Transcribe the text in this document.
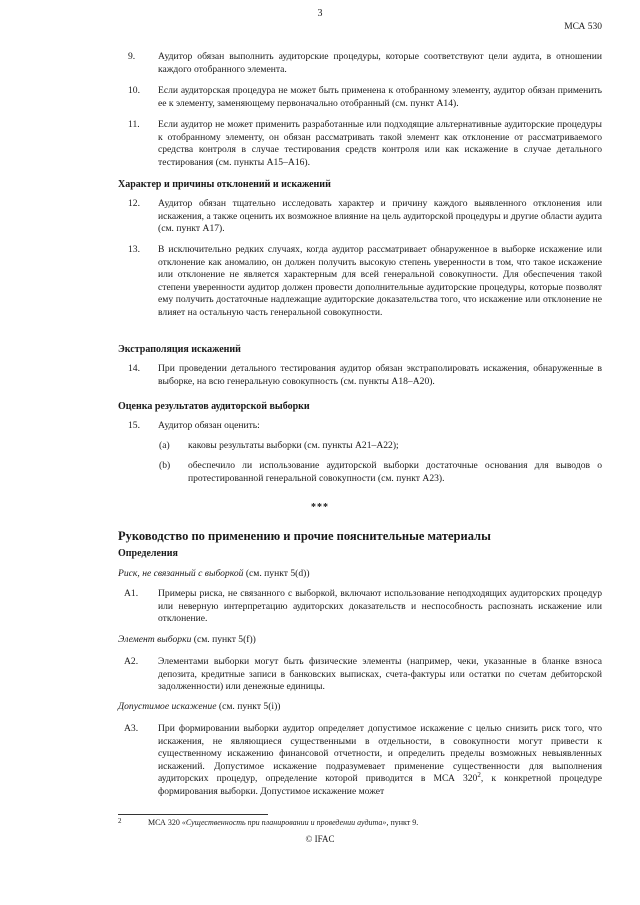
3
МСА 530
9. Аудитор обязан выполнить аудиторские процедуры, которые соответствуют цели аудита, в отношении каждого отобранного элемента.
10. Если аудиторская процедура не может быть применена к отобранному элементу, аудитор обязан применить ее к элементу, заменяющему первоначально отобранный (см. пункт A14).
11. Если аудитор не может применить разработанные или подходящие альтернативные аудиторские процедуры к отобранному элементу, он обязан рассматривать такой элемент как отклонение от рассматриваемого средства контроля в случае тестирования средств контроля или как искажение в случае детального тестирования (см. пункты A15–A16).
Характер и причины отклонений и искажений
12. Аудитор обязан тщательно исследовать характер и причину каждого выявленного отклонения или искажения, а также оценить их возможное влияние на цель аудиторской процедуры и другие области аудита (см. пункт A17).
13. В исключительно редких случаях, когда аудитор рассматривает обнаруженное в выборке искажение или отклонение как аномалию, он должен получить высокую степень уверенности в том, что такое искажение или отклонение не является характерным для всей генеральной совокупности. Для обеспечения такой степени уверенности аудитор должен провести дополнительные аудиторские процедуры, которые позволят ему получить достаточные надлежащие аудиторские доказательства того, что искажение или отклонение не влияет на остальную часть генеральной совокупности.
Экстраполяция искажений
14. При проведении детального тестирования аудитор обязан экстраполировать искажения, обнаруженные в выборке, на всю генеральную совокупность (см. пункты A18–A20).
Оценка результатов аудиторской выборки
15. Аудитор обязан оценить:
(a) каковы результаты выборки (см. пункты A21–A22);
(b) обеспечило ли использование аудиторской выборки достаточные основания для выводов о протестированной генеральной совокупности (см. пункт A23).
***
Руководство по применению и прочие пояснительные материалы
Определения
Риск, не связанный с выборкой (см. пункт 5(d))
A1. Примеры риска, не связанного с выборкой, включают использование неподходящих аудиторских процедур или неверную интерпретацию аудиторских доказательств и неспособность распознать искажение или отклонение.
Элемент выборки (см. пункт 5(f))
A2. Элементами выборки могут быть физические элементы (например, чеки, указанные в бланке взноса депозита, кредитные записи в банковских выписках, счета-фактуры или остатки по счетам дебиторской задолженности) или денежные единицы.
Допустимое искажение (см. пункт 5(i))
A3. При формировании выборки аудитор определяет допустимое искажение с целью снизить риск того, что искажения, не являющиеся существенными в отдельности, в совокупности могут привести к существенному искажению финансовой отчетности, и определить пределы возможных невыявленных искажений. Допустимое искажение подразумевает применение существенности для выполнения аудиторских процедур, определение которой приводится в МСА $320^2$, к конкретной процедуре формирования выборки. Допустимое искажение может
2	МСА 320 «Существенность при планировании и проведении аудита», пункт 9.
© IFAC
